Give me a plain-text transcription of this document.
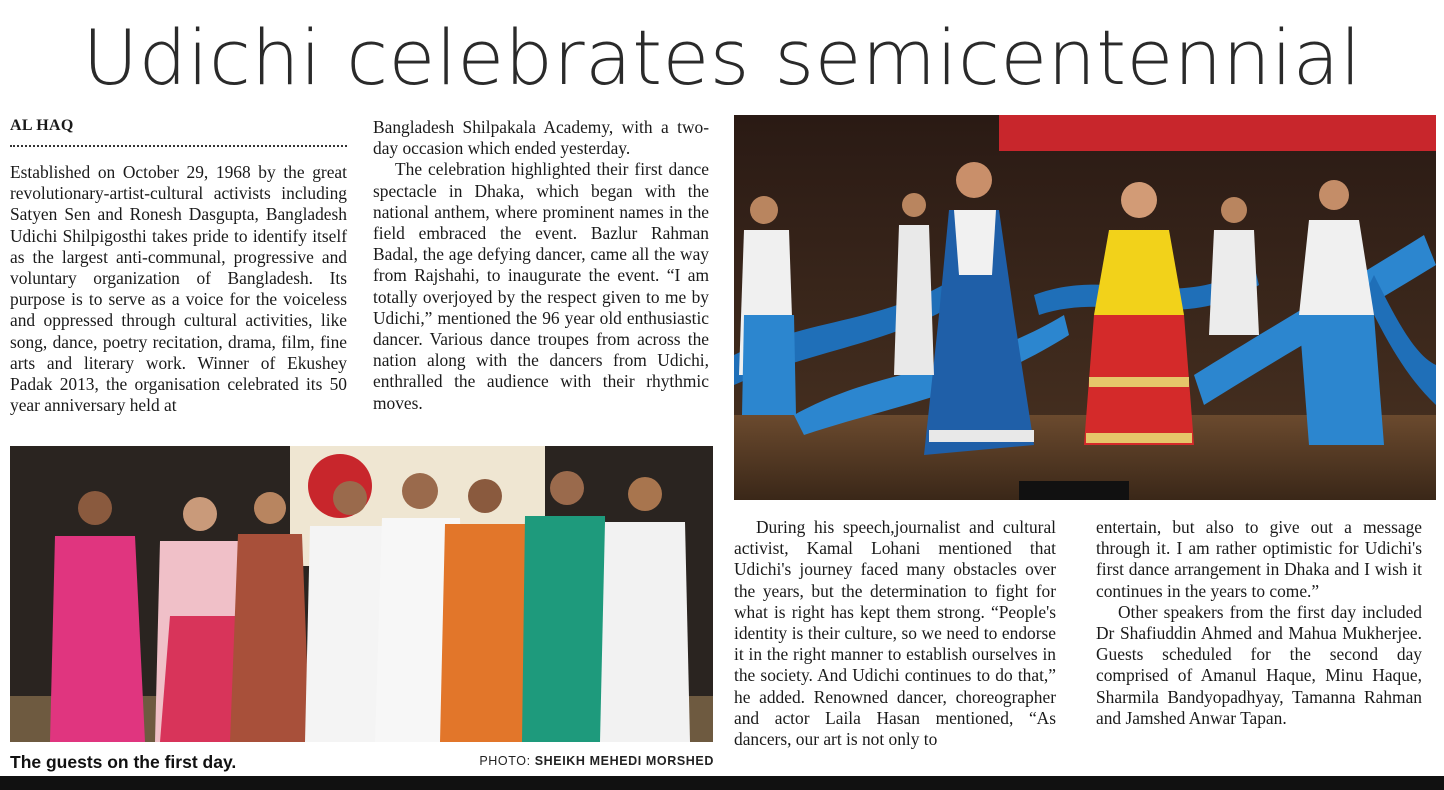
Udichi celebrates semicentennial
AL HAQ

Established on October 29, 1968 by the great revolutionary-artist-cultural activists including Satyen Sen and Ronesh Dasgupta, Bangladesh Udichi Shilpigosthi takes pride to identify itself as the largest anti-communal, progressive and voluntary organization of Bangladesh. Its purpose is to serve as a voice for the voiceless and oppressed through cultural activities, like song, dance, poetry recitation, drama, film, fine arts and literary work. Winner of Ekushey Padak 2013, the organisation celebrated its 50 year anniversary held at

Bangladesh Shilpakala Academy, with a two-day occasion which ended yesterday.

The celebration highlighted their first dance spectacle in Dhaka, which began with the national anthem, where prominent names in the field embraced the event. Bazlur Rahman Badal, the age defying dancer, came all the way from Rajshahi, to inaugurate the event. “I am totally overjoyed by the respect given to me by Udichi,” mentioned the 96 year old enthusiastic dancer. Various dance troupes from across the nation along with the dancers from Udichi, enthralled the audience with their rhythmic moves.

During his speech,journalist and cultural activist, Kamal Lohani mentioned that Udichi's journey faced many obstacles over the years, but the determination to fight for what is right has kept them strong. “People's identity is their culture, so we need to endorse it in the right manner to establish ourselves in the society. And Udichi continues to do that,” he added. Renowned dancer, choreographer and actor Laila Hasan mentioned, “As dancers, our art is not only to

entertain, but also to give out a message through it. I am rather optimistic for Udichi's first dance arrangement in Dhaka and I wish it continues in the years to come.”

Other speakers from the first day included Dr Shafiuddin Ahmed and Mahua Mukherjee. Guests scheduled for the second day comprised of Amanul Haque, Minu Haque, Sharmila Bandyopadhyay, Tamanna Rahman and Jamshed Anwar Tapan.

The guests on the first day.	PHOTO: SHEIKH MEHEDI MORSHED
